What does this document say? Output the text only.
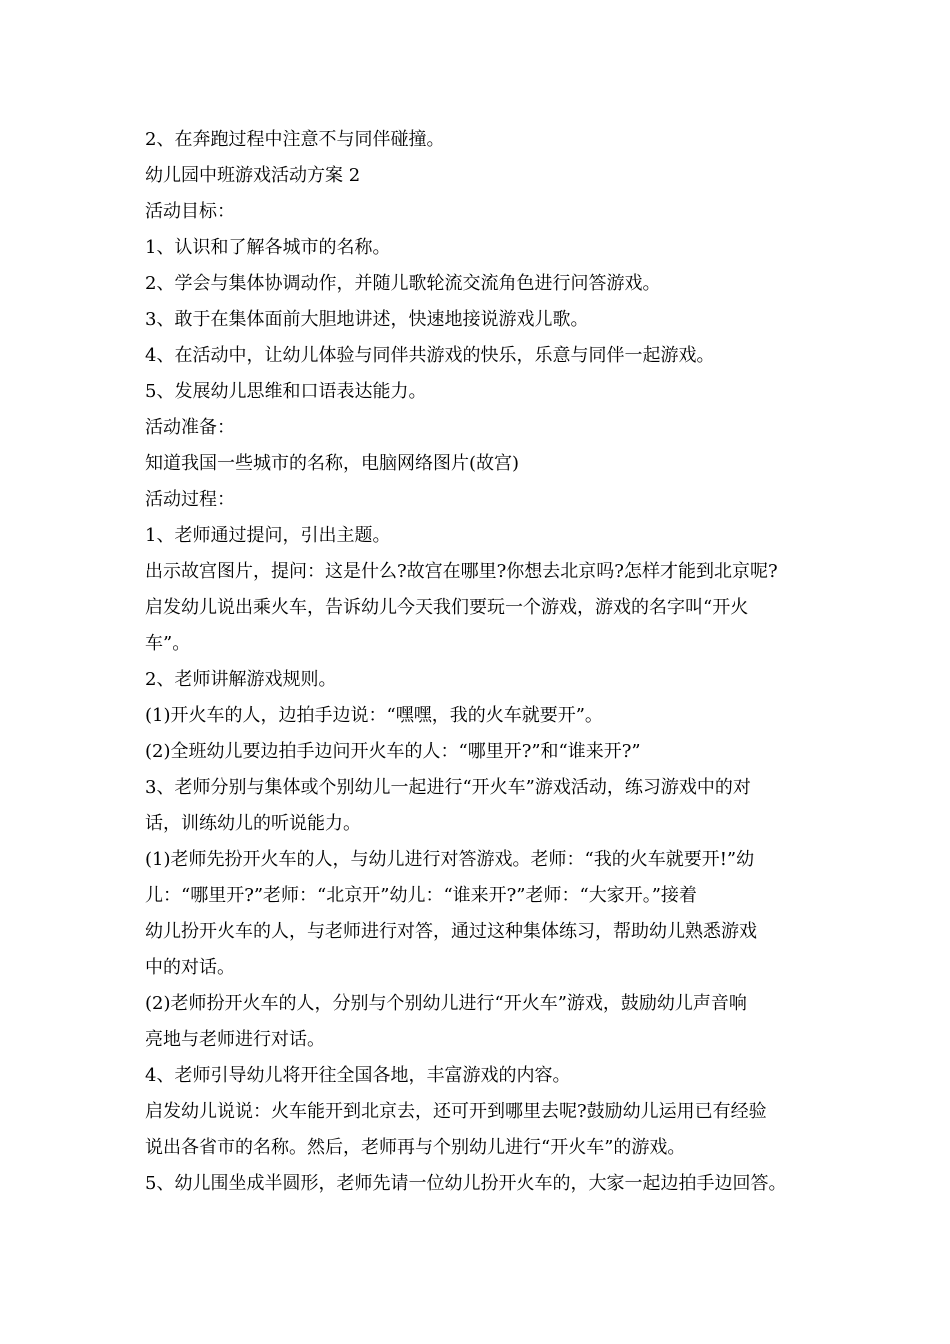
2、在奔跑过程中注意不与同伴碰撞。

幼儿园中班游戏活动方案 2

活动目标：

1、认识和了解各城市的名称。

2、学会与集体协调动作，并随儿歌轮流交流角色进行问答游戏。

3、敢于在集体面前大胆地讲述，快速地接说游戏儿歌。

4、在活动中，让幼儿体验与同伴共游戏的快乐，乐意与同伴一起游戏。

5、发展幼儿思维和口语表达能力。

活动准备：

知道我国一些城市的名称，电脑网络图片(故宫)

活动过程：

1、老师通过提问，引出主题。

出示故宫图片，提问：这是什么?故宫在哪里?你想去北京吗?怎样才能到北京呢?

启发幼儿说出乘火车，告诉幼儿今天我们要玩一个游戏，游戏的名字叫“开火

车”。

2、老师讲解游戏规则。

(1)开火车的人，边拍手边说：“嘿嘿，我的火车就要开”。

(2)全班幼儿要边拍手边问开火车的人：“哪里开?”和“谁来开?”

3、老师分别与集体或个别幼儿一起进行“开火车”游戏活动，练习游戏中的对

话，训练幼儿的听说能力。

(1)老师先扮开火车的人，与幼儿进行对答游戏。老师：“我的火车就要开!”幼

儿：“哪里开?”老师：“北京开”幼儿：“谁来开?”老师：“大家开。”接着

幼儿扮开火车的人，与老师进行对答，通过这种集体练习，帮助幼儿熟悉游戏

中的对话。

(2)老师扮开火车的人，分别与个别幼儿进行“开火车”游戏，鼓励幼儿声音响

亮地与老师进行对话。

4、老师引导幼儿将开往全国各地，丰富游戏的内容。

启发幼儿说说：火车能开到北京去，还可开到哪里去呢?鼓励幼儿运用已有经验

说出各省市的名称。然后，老师再与个别幼儿进行“开火车”的游戏。

5、幼儿围坐成半圆形，老师先请一位幼儿扮开火车的，大家一起边拍手边回答。
